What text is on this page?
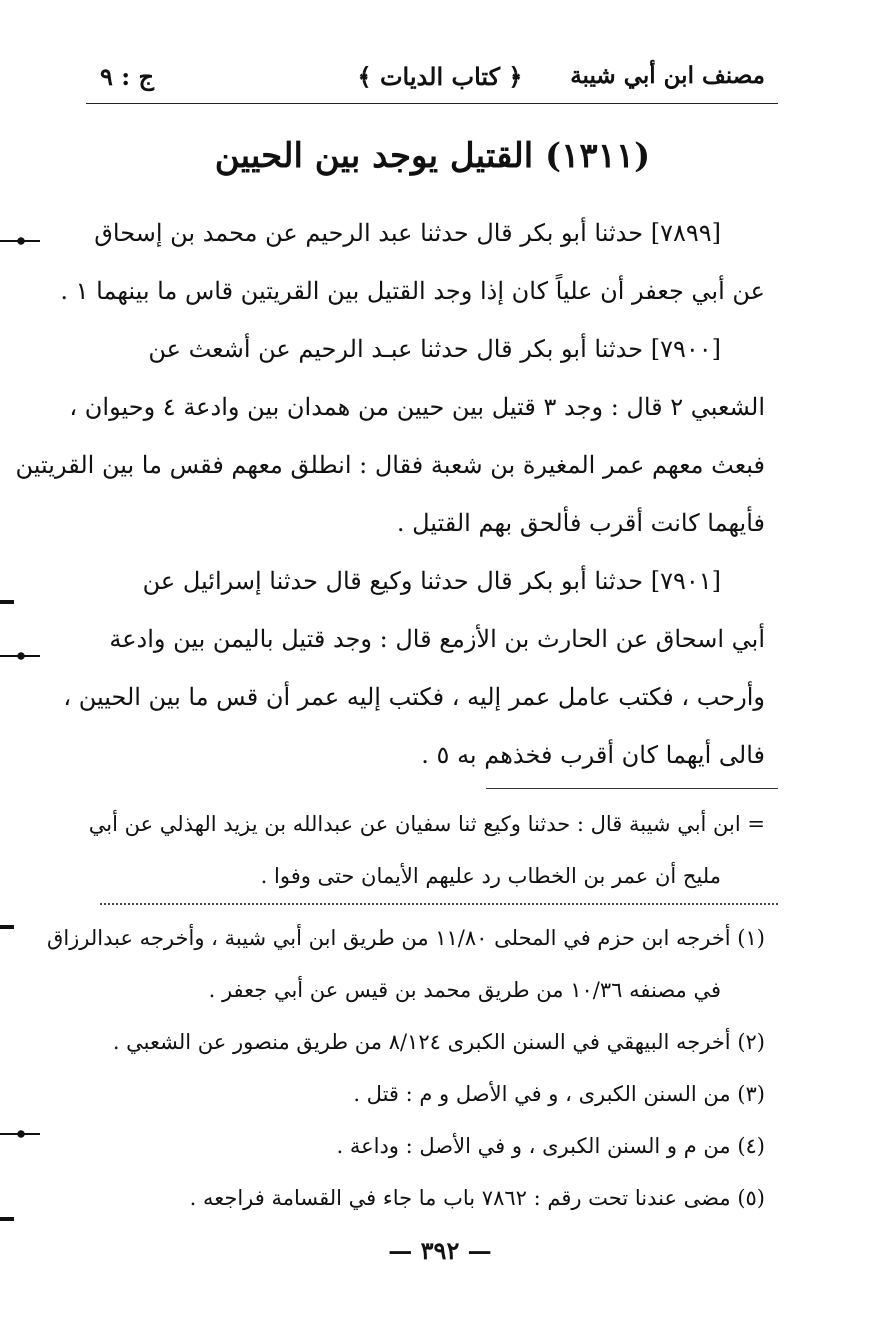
مصنف ابن أبي شيبة
﴿ كتاب الديات ﴾
ج : ٩
(١٣١١) القتيل يوجد بين الحيين
[٧٨٩٩] حدثنا أبو بكر قال حدثنا عبد الرحيم عن محمد بن إسحاق
عن أبي جعفر أن علياً كان إذا وجد القتيل بين القريتين قاس ما بينهما ١ .
[٧٩٠٠] حدثنا أبو بكر قال حدثنا عبـد الرحيم عن أشعث عن
الشعبي ٢ قال : وجد ٣ قتيل بين حيين من همدان بين وادعة ٤ وحيوان ،
فبعث معهم عمر المغيرة بن شعبة فقال : انطلق معهم فقس ما بين القريتين
فأيهما كانت أقرب فألحق بهم القتيل .
[٧٩٠١] حدثنا أبو بكر قال حدثنا وكيع قال حدثنا إسرائيل عن
أبي اسحاق عن الحارث بن الأزمع قال : وجد قتيل باليمن بين وادعة
وأرحب ، فكتب عامل عمر إليه ، فكتب إليه عمر أن قس ما بين الحيين ،
فالى أيهما كان أقرب فخذهم به ٥ .
= ابن أبي شيبة قال : حدثنا وكيع ثنا سفيان عن عبدالله بن يزيد الهذلي عن أبي
مليح أن عمر بن الخطاب رد عليهم الأيمان حتى وفوا .
(١) أخرجه ابن حزم في المحلى ١١/٨٠ من طريق ابن أبي شيبة ، وأخرجه عبدالرزاق
في مصنفه ١٠/٣٦ من طريق محمد بن قيس عن أبي جعفر .
(٢) أخرجه البيهقي في السنن الكبرى ٨/١٢٤ من طريق منصور عن الشعبي .
(٣) من السنن الكبرى ، و في الأصل و م : قتل .
(٤) من م و السنن الكبرى ، و في الأصل : وداعة .
(٥) مضى عندنا تحت رقم : ٧٨٦٢ باب ما جاء في القسامة فراجعه .
— ٣٩٢ —
